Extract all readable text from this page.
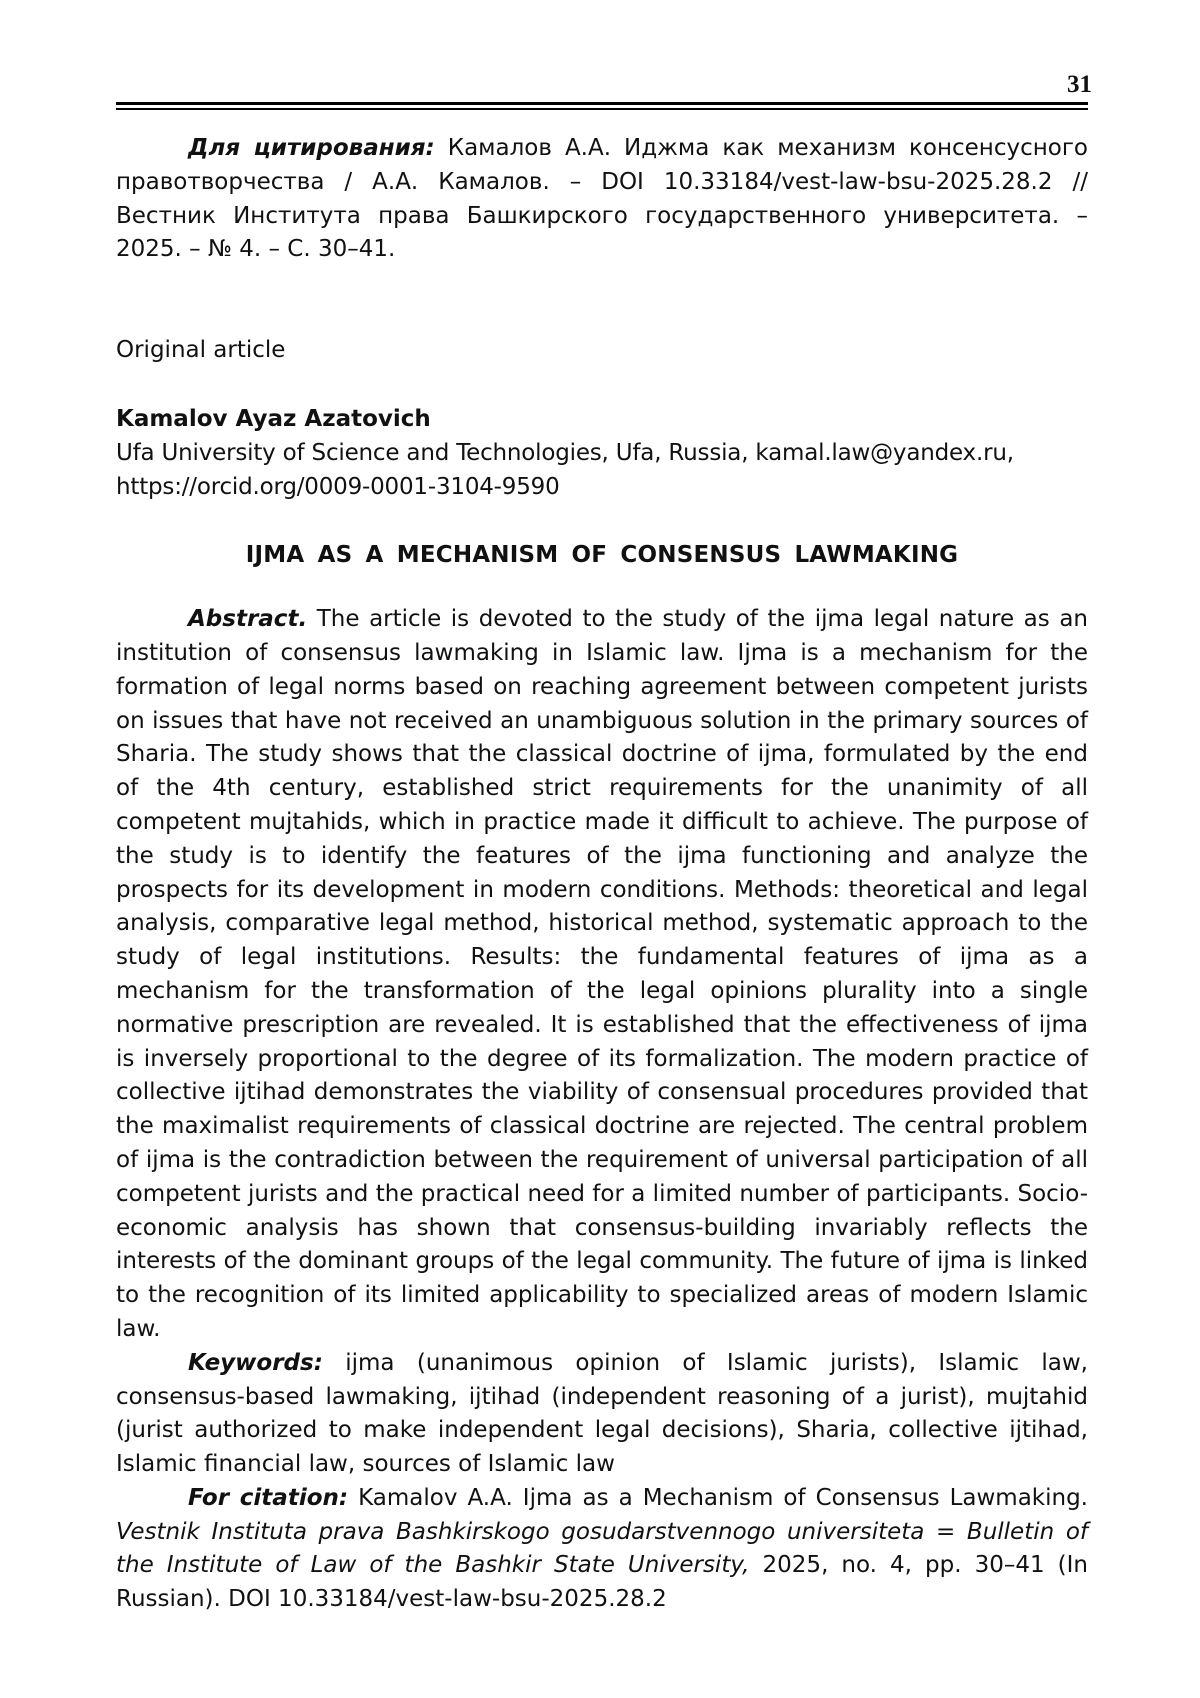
31

Для цитирования: Камалов А.А. Иджма как механизм консенсусного правотворчества / А.А. Камалов. – DOI 10.33184/vest-law-bsu-2025.28.2 // Вестник Института права Башкирского государственного университета. – 2025. – № 4. – С. 30–41.

Original article

Kamalov Ayaz Azatovich

Ufa University of Science and Technologies, Ufa, Russia, kamal.law@yandex.ru, https://orcid.org/0009-0001-3104-9590

IJMA AS A MECHANISM OF CONSENSUS LAWMAKING

Abstract. The article is devoted to the study of the ijma legal nature as an institution of consensus lawmaking in Islamic law. Ijma is a mechanism for the formation of legal norms based on reaching agreement between competent jurists on issues that have not received an unambiguous solution in the primary sources of Sharia. The study shows that the classical doctrine of ijma, formulated by the end of the 4th century, established strict requirements for the unanimity of all competent mujtahids, which in practice made it difficult to achieve. The purpose of the study is to identify the features of the ijma functioning and analyze the prospects for its development in modern conditions. Methods: theoretical and legal analysis, comparative legal method, historical method, systematic approach to the study of legal institutions. Results: the fundamental features of ijma as a mechanism for the transformation of the legal opinions plurality into a single normative prescription are revealed. It is established that the effectiveness of ijma is inversely proportional to the degree of its formalization. The modern practice of collective ijtihad demonstrates the viability of consensual procedures provided that the maximalist requirements of classical doctrine are rejected. The central problem of ijma is the contradiction between the requirement of universal participation of all competent jurists and the practical need for a limited number of participants. Socio-economic analysis has shown that consensus-building invariably reflects the interests of the dominant groups of the legal community. The future of ijma is linked to the recognition of its limited applicability to specialized areas of modern Islamic law.

Keywords: ijma (unanimous opinion of Islamic jurists), Islamic law, consensus-based lawmaking, ijtihad (independent reasoning of a jurist), mujtahid (jurist authorized to make independent legal decisions), Sharia, collective ijtihad, Islamic financial law, sources of Islamic law

For citation: Kamalov A.A. Ijma as a Mechanism of Consensus Lawmaking. Vestnik Instituta prava Bashkirskogo gosudarstvennogo universiteta = Bulletin of the Institute of Law of the Bashkir State University, 2025, no. 4, pp. 30–41 (In Russian). DOI 10.33184/vest-law-bsu-2025.28.2
